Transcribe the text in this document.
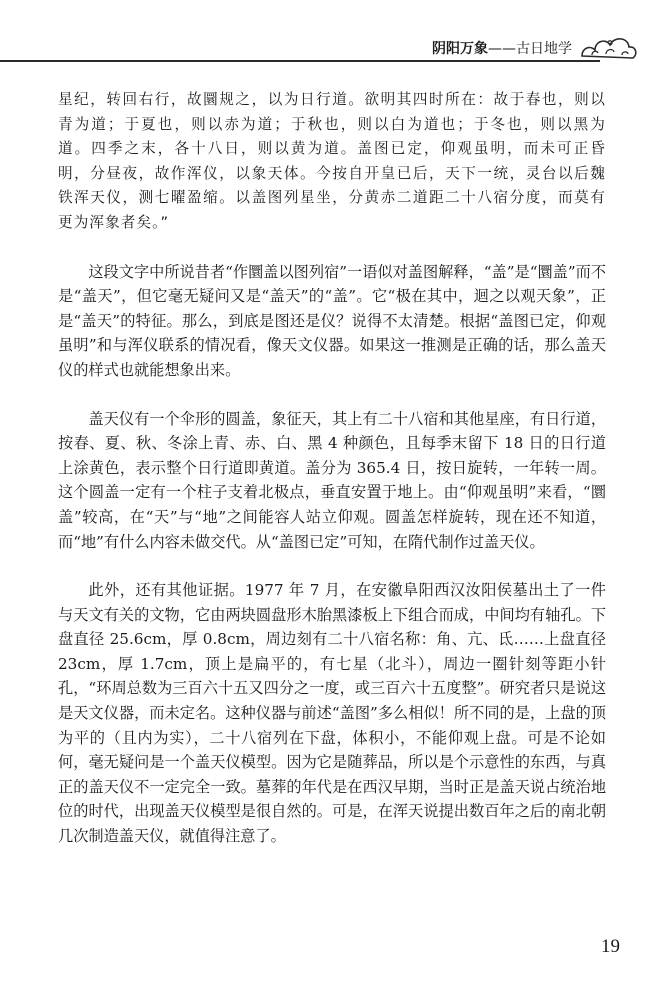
阴阳万象——古日地学

星纪，转回右行，故圜规之，以为日行道。欲明其四时所在：故于春也，则以青为道；于夏也，则以赤为道；于秋也，则以白为道也；于冬也，则以黑为道。四季之末，各十八日，则以黄为道。盖图已定，仰观虽明，而未可正昏明，分昼夜，故作浑仪，以象天体。今按自开皇已后，天下一统，灵台以后魏铁浑天仪，测七曜盈缩。以盖图列星坐，分黄赤二道距二十八宿分度，而莫有更为浑象者矣。”

这段文字中所说昔者“作圜盖以图列宿”一语似对盖图解释，“盖”是“圜盖”而不是“盖天”，但它毫无疑问又是“盖天”的“盖”。它“极在其中，迴之以观天象”，正是“盖天”的特征。那么，到底是图还是仪？说得不太清楚。根据“盖图已定，仰观虽明”和与浑仪联系的情况看，像天文仪器。如果这一推测是正确的话，那么盖天仪的样式也就能想象出来。

盖天仪有一个伞形的圆盖，象征天，其上有二十八宿和其他星座，有日行道，按春、夏、秋、冬涂上青、赤、白、黑 4 种颜色，且每季末留下 18 日的日行道上涂黄色，表示整个日行道即黄道。盖分为 365.4 日，按日旋转，一年转一周。这个圆盖一定有一个柱子支着北极点，垂直安置于地上。由“仰观虽明”来看，“圜盖”较高，在“天”与“地”之间能容人站立仰观。圆盖怎样旋转，现在还不知道，而“地”有什么内容未做交代。从“盖图已定”可知，在隋代制作过盖天仪。

此外，还有其他证据。1977 年 7 月，在安徽阜阳西汉汝阳侯墓出土了一件与天文有关的文物，它由两块圆盘形木胎黑漆板上下组合而成，中间均有轴孔。下盘直径 25.6cm，厚 0.8cm，周边刻有二十八宿名称：角、亢、氐……上盘直径 23cm，厚 1.7cm，顶上是扁平的，有七星（北斗），周边一圈针刻等距小针孔，“环周总数为三百六十五又四分之一度，或三百六十五度整”。研究者只是说这是天文仪器，而未定名。这种仪器与前述“盖图”多么相似！所不同的是，上盘的顶为平的（且内为实），二十八宿列在下盘，体积小，不能仰观上盘。可是不论如何，毫无疑问是一个盖天仪模型。因为它是随葬品，所以是个示意性的东西，与真正的盖天仪不一定完全一致。墓葬的年代是在西汉早期，当时正是盖天说占统治地位的时代，出现盖天仪模型是很自然的。可是，在浑天说提出数百年之后的南北朝几次制造盖天仪，就值得注意了。

19
